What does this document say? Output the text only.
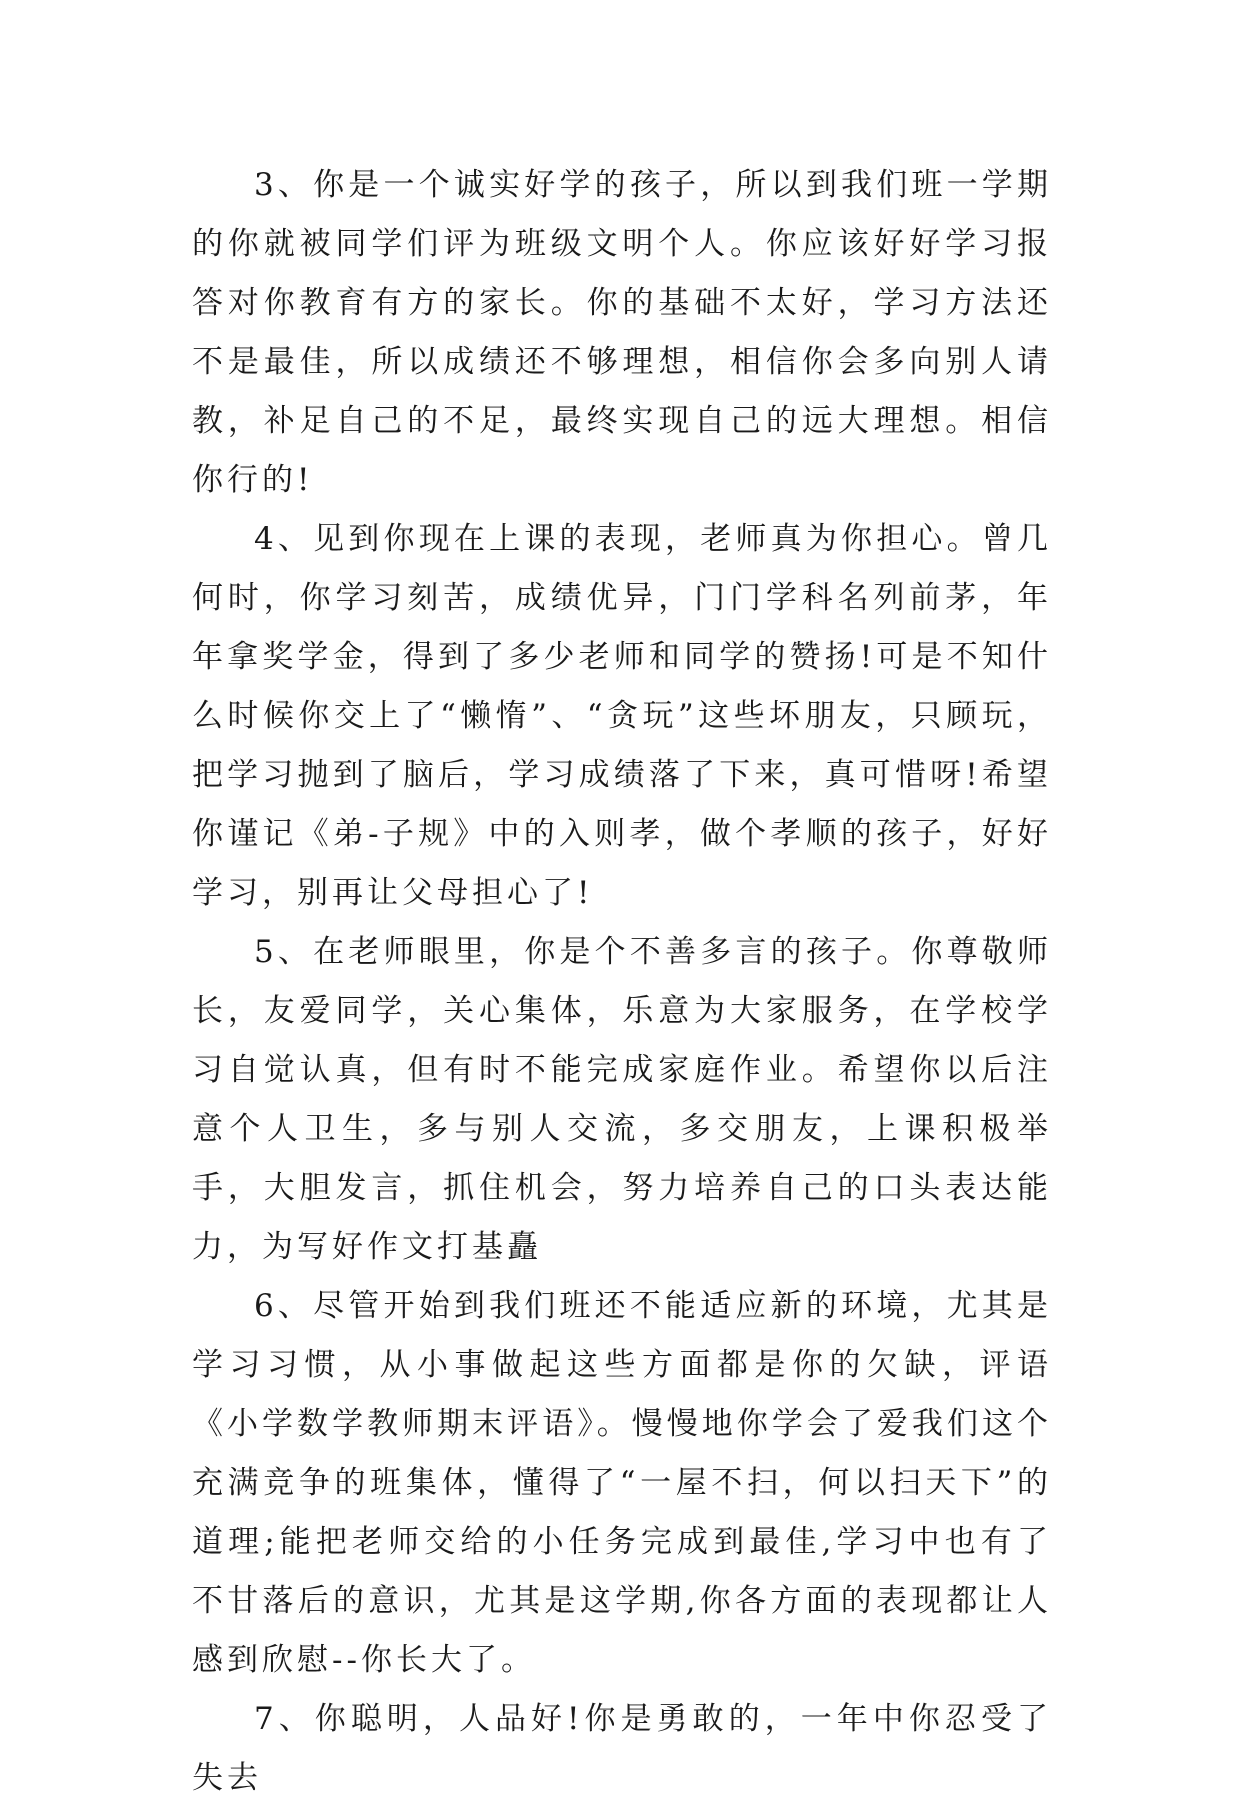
3、你是一个诚实好学的孩子，所以到我们班一学期的你就被同学们评为班级文明个人。你应该好好学习报答对你教育有方的家长。你的基础不太好，学习方法还不是最佳，所以成绩还不够理想，相信你会多向别人请教，补足自己的不足，最终实现自己的远大理想。相信你行的!

4、见到你现在上课的表现，老师真为你担心。曾几何时，你学习刻苦，成绩优异，门门学科名列前茅，年年拿奖学金，得到了多少老师和同学的赞扬!可是不知什么时候你交上了“懒惰”、“贪玩”这些坏朋友，只顾玩，把学习抛到了脑后，学习成绩落了下来，真可惜呀!希望你谨记《弟-子规》中的入则孝，做个孝顺的孩子，好好学习，别再让父母担心了!

5、在老师眼里，你是个不善多言的孩子。你尊敬师长，友爱同学，关心集体，乐意为大家服务，在学校学习自觉认真，但有时不能完成家庭作业。希望你以后注意个人卫生，多与别人交流，多交朋友，上课积极举手，大胆发言，抓住机会，努力培养自己的口头表达能力，为写好作文打基矗

6、尽管开始到我们班还不能适应新的环境，尤其是学习习惯，从小事做起这些方面都是你的欠缺，评语《小学数学教师期末评语》。慢慢地你学会了爱我们这个充满竞争的班集体，懂得了“一屋不扫，何以扫天下”的道理;能把老师交给的小任务完成到最佳,学习中也有了不甘落后的意识，尤其是这学期,你各方面的表现都让人感到欣慰--你长大了。

7、你聪明，人品好!你是勇敢的，一年中你忍受了失去
